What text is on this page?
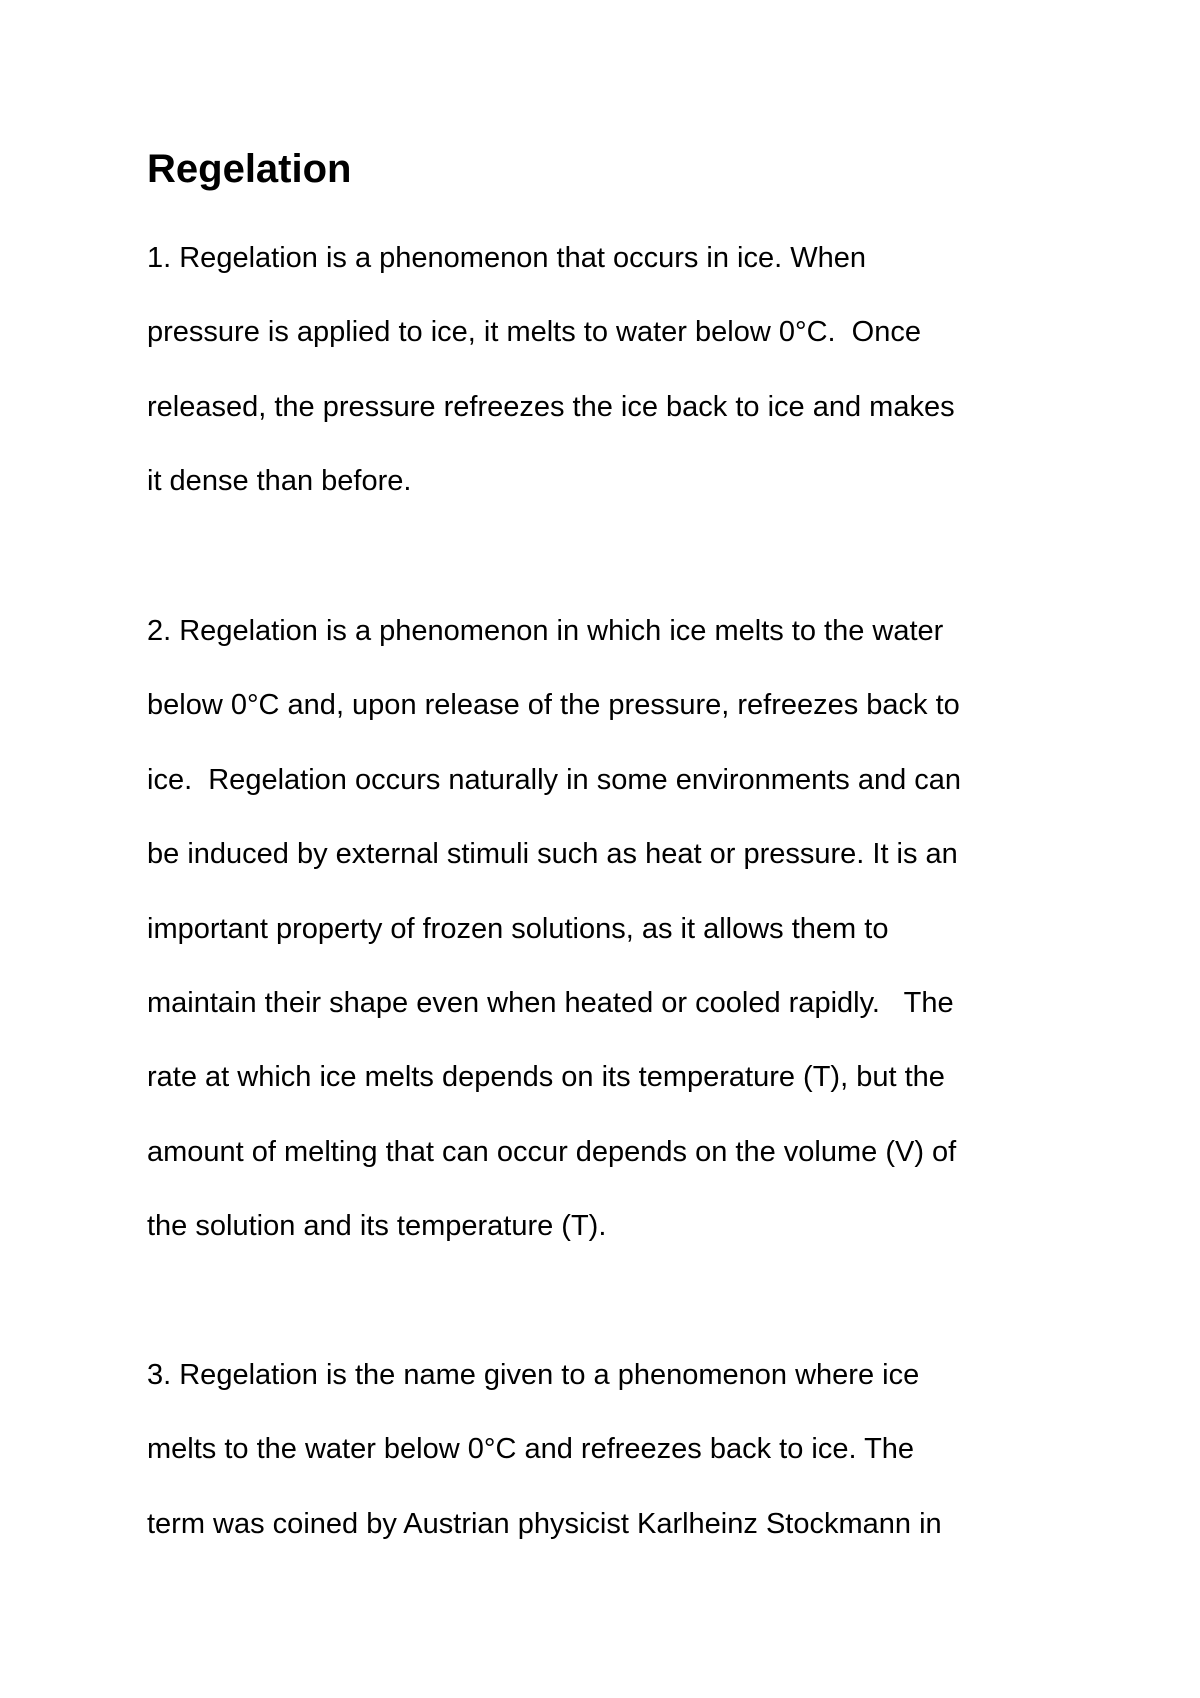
Regelation
1. Regelation is a phenomenon that occurs in ice. When
pressure is applied to ice, it melts to water below 0°C.  Once
released, the pressure refreezes the ice back to ice and makes
it dense than before.
2. Regelation is a phenomenon in which ice melts to the water
below 0°C and, upon release of the pressure, refreezes back to
ice.  Regelation occurs naturally in some environments and can
be induced by external stimuli such as heat or pressure. It is an
important property of frozen solutions, as it allows them to
maintain their shape even when heated or cooled rapidly.   The
rate at which ice melts depends on its temperature (T), but the
amount of melting that can occur depends on the volume (V) of
the solution and its temperature (T).
3. Regelation is the name given to a phenomenon where ice
melts to the water below 0°C and refreezes back to ice. The
term was coined by Austrian physicist Karlheinz Stockmann in
